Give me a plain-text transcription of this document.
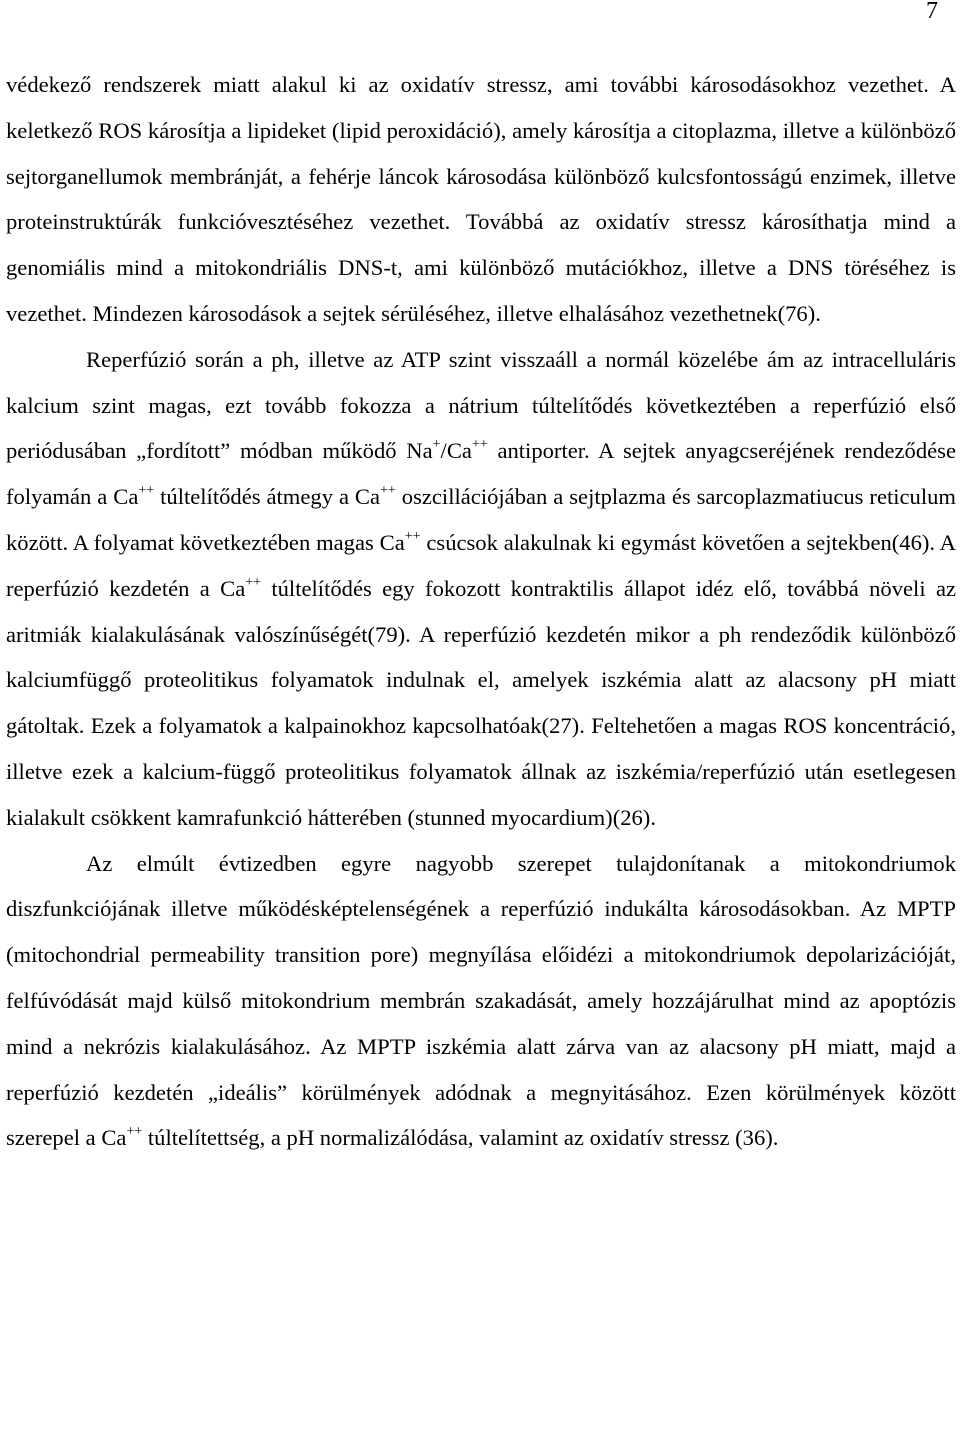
7

védekező rendszerek miatt alakul ki az oxidatív stressz, ami további károsodásokhoz vezethet. A keletkező ROS károsítja a lipideket (lipid peroxidáció), amely károsítja a citoplazma, illetve a különböző sejtorganellumok membránját, a fehérje láncok károsodása különböző kulcsfontosságú enzimek, illetve proteinstruktúrák funkcióvesztéséhez vezethet. Továbbá az oxidatív stressz károsíthatja mind a genomiális mind a mitokondriális DNS-t, ami különböző mutációkhoz, illetve a DNS töréséhez is vezethet. Mindezen károsodások a sejtek sérüléséhez, illetve elhalásához vezethetnek(76).

Reperfúzió során a ph, illetve az ATP szint visszaáll a normál közelébe ám az intracelluláris kalcium szint magas, ezt tovább fokozza a nátrium túltelítődés következtében a reperfúzió első periódusában „fordított” módban működő Na+/Ca++ antiporter. A sejtek anyagcseréjének rendeződése folyamán a Ca++ túltelítődés átmegy a Ca++ oszcillációjában a sejtplazma és sarcoplazmatiucus reticulum között. A folyamat következtében magas Ca++ csúcsok alakulnak ki egymást követően a sejtekben(46). A reperfúzió kezdetén a Ca++ túltelítődés egy fokozott kontraktilis állapot idéz elő, továbbá növeli az aritmiák kialakulásának valószínűségét(79). A reperfúzió kezdetén mikor a ph rendeződik különböző kalciumfüggő proteolitikus folyamatok indulnak el, amelyek iszkémia alatt az alacsony pH miatt gátoltak. Ezek a folyamatok a kalpainokhoz kapcsolhatóak(27). Feltehetően a magas ROS koncentráció, illetve ezek a kalcium-függő proteolitikus folyamatok állnak az iszkémia/reperfúzió után esetlegesen kialakult csökkent kamrafunkció hátterében (stunned myocardium)(26).

Az elmúlt évtizedben egyre nagyobb szerepet tulajdonítanak a mitokondriumok diszfunkciójának illetve működésképtelenségének a reperfúzió indukálta károsodásokban. Az MPTP (mitochondrial permeability transition pore) megnyílása előidézi a mitokondriumok depolarizációját, felfúvódását majd külső mitokondrium membrán szakadását, amely hozzájárulhat mind az apoptózis mind a nekrózis kialakulásához. Az MPTP iszkémia alatt zárva van az alacsony pH miatt, majd a reperfúzió kezdetén „ideális” körülmények adódnak a megnyitásához. Ezen körülmények között szerepel a Ca++ túltelítettség, a pH normalizálódása, valamint az oxidatív stressz (36).
